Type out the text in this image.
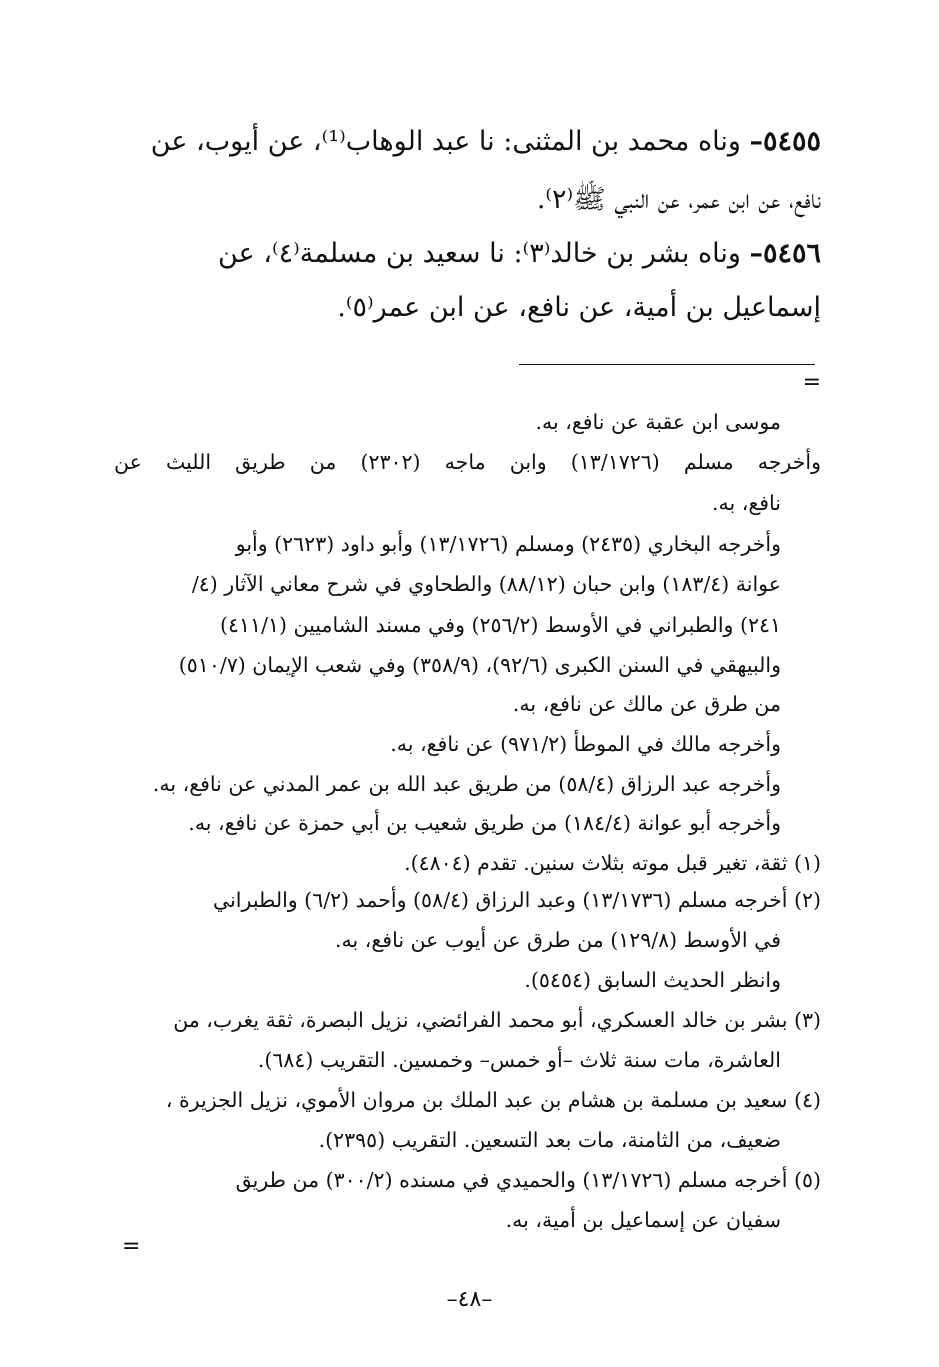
٥٤٥٥– وناه محمد بن المثنى: نا عبد الوهاب⁽¹⁾، عن أيوب، عن
نافع، عن ابن عمر، عن النبي ﷺ⁽٢⁾.
٥٤٥٦– وناه بشر بن خالد⁽٣⁾: نا سعيد بن مسلمة⁽٤⁾، عن
إسماعيل بن أمية، عن نافع، عن ابن عمر⁽٥⁾.
=
موسى ابن عقبة عن نافع، به.
وأخرجه مسلم (١٣/١٧٢٦) وابن ماجه (٢٣٠٢) من طريق الليث عن
نافع، به.
وأخرجه البخاري (٢٤٣٥) ومسلم (١٣/١٧٢٦) وأبو داود (٢٦٢٣) وأبو
عوانة (١٨٣/٤) وابن حبان (٨٨/١٢) والطحاوي في شرح معاني الآثار (٤/
٢٤١) والطبراني في الأوسط (٢٥٦/٢) وفي مسند الشاميين (٤١١/١)
والبيهقي في السنن الكبرى (٩٢/٦)، (٣٥٨/٩) وفي شعب الإيمان (٥١٠/٧)
من طرق عن مالك عن نافع، به.
وأخرجه مالك في الموطأ (٩٧١/٢) عن نافع، به.
وأخرجه عبد الرزاق (٥٨/٤) من طريق عبد الله بن عمر المدني عن نافع، به.
وأخرجه أبو عوانة (١٨٤/٤) من طريق شعيب بن أبي حمزة عن نافع، به.
(١) ثقة، تغير قبل موته بثلاث سنين. تقدم (٤٨٠٤).
(٢) أخرجه مسلم (١٣/١٧٣٦) وعبد الرزاق (٥٨/٤) وأحمد (٦/٢) والطبراني
في الأوسط (١٢٩/٨) من طرق عن أيوب عن نافع، به.
وانظر الحديث السابق (٥٤٥٤).
(٣) بشر بن خالد العسكري، أبو محمد الفرائضي، نزيل البصرة، ثقة يغرب، من
العاشرة، مات سنة ثلاث –أو خمس– وخمسين. التقريب (٦٨٤).
(٤) سعيد بن مسلمة بن هشام بن عبد الملك بن مروان الأموي، نزيل الجزيرة ،
ضعيف، من الثامنة، مات بعد التسعين. التقريب (٢٣٩٥).
(٥) أخرجه مسلم (١٣/١٧٢٦) والحميدي في مسنده (٣٠٠/٢) من طريق
سفيان عن إسماعيل بن أمية، به.
=
–٤٨–
